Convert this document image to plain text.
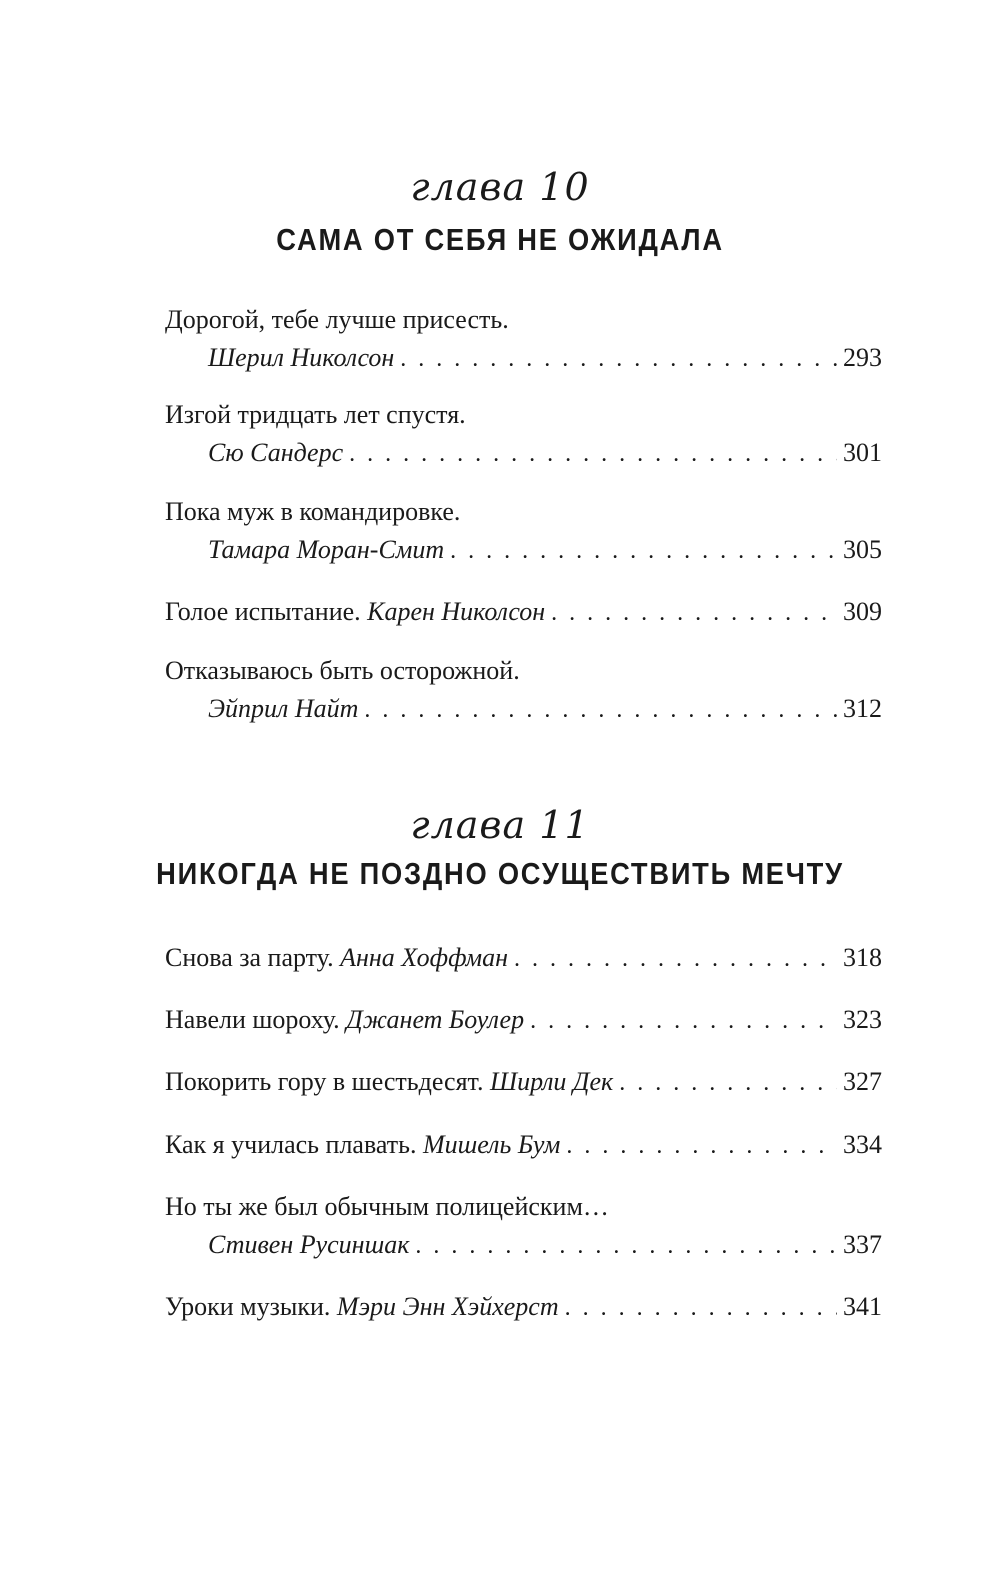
глава 10
САМА ОТ СЕБЯ НЕ ОЖИДАЛА
Дорогой, тебе лучше присесть.
Шерил Николсон . . .	293
Изгой тридцать лет спустя.
Сю Сандерс . . .	301
Пока муж в командировке.
Тамара Моран-Смит . . .	305
Голое испытание.
Карен Николсон . . .	309
Отказываюсь быть осторожной.
Эйприл Найт . . .	312
глава 11
НИКОГДА НЕ ПОЗДНО ОСУЩЕСТВИТЬ МЕЧТУ
Снова за парту.
Анна Хоффман . . .	318
Навели шороху.
Джанет Боулер . . .	323
Покорить гору в шестьдесят.
Ширли Дек . . .	327
Как я училась плавать.
Мишель Бум . . .	334
Но ты же был обычным полицейским…
Стивен Русиншак . . .	337
Уроки музыки.
Мэри Энн Хэйхерст . . .	341
